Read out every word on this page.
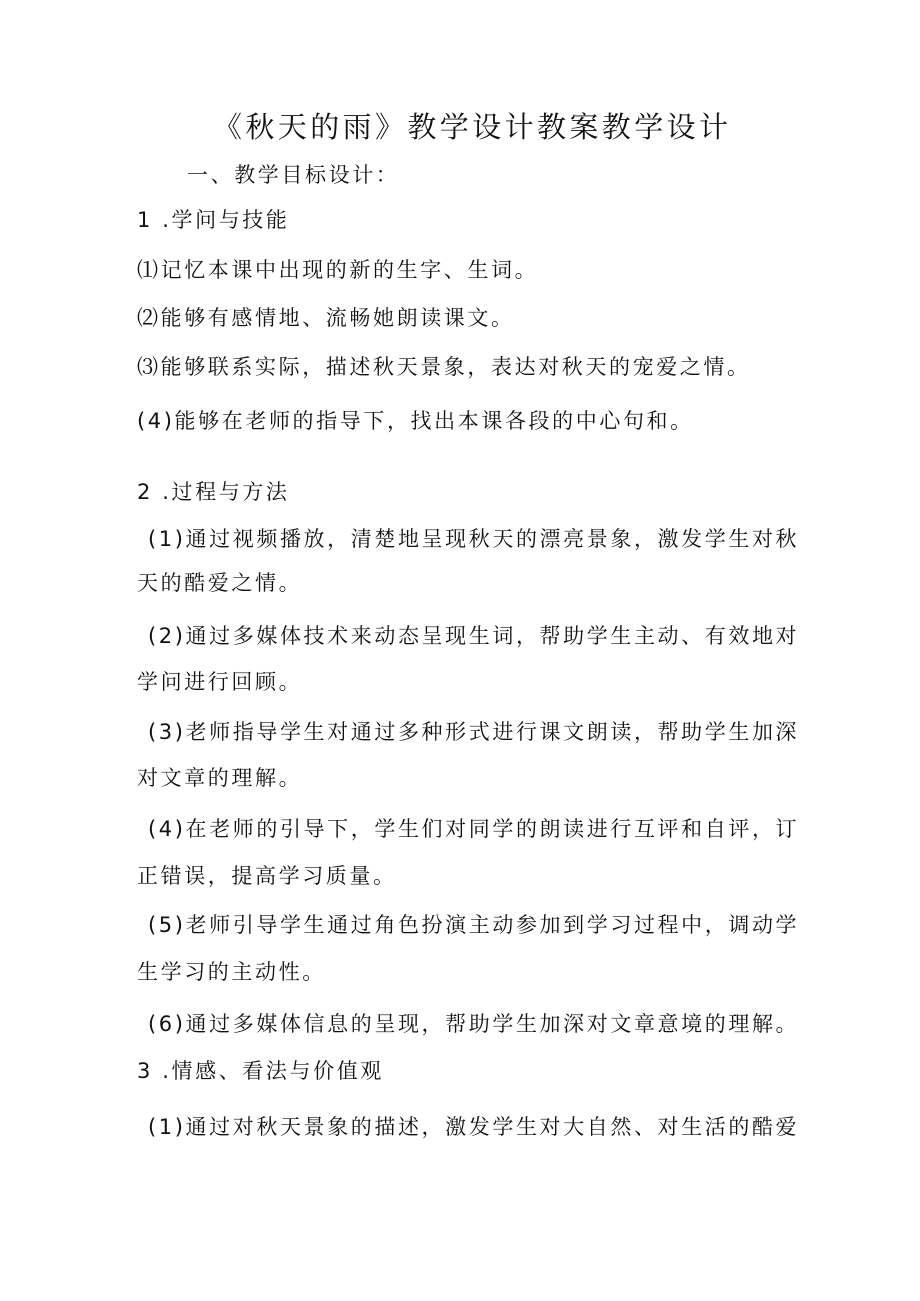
《秋天的雨》教学设计教案教学设计
一、教学目标设计：
1 .学问与技能
⑴记忆本课中出现的新的生字、生词。
⑵能够有感情地、流畅她朗读课文。
⑶能够联系实际，描述秋天景象，表达对秋天的宠爱之情。
(4)能够在老师的指导下，找出本课各段的中心句和。
2 .过程与方法
(1)通过视频播放，清楚地呈现秋天的漂亮景象，激发学生对秋
天的酷爱之情。
(2)通过多媒体技术来动态呈现生词，帮助学生主动、有效地对
学问进行回顾。
(3)老师指导学生对通过多种形式进行课文朗读，帮助学生加深
对文章的理解。
(4)在老师的引导下，学生们对同学的朗读进行互评和自评，订
正错误，提高学习质量。
(5)老师引导学生通过角色扮演主动参加到学习过程中，调动学
生学习的主动性。
(6)通过多媒体信息的呈现，帮助学生加深对文章意境的理解。
3 .情感、看法与价值观
(1)通过对秋天景象的描述，激发学生对大自然、对生活的酷爱
